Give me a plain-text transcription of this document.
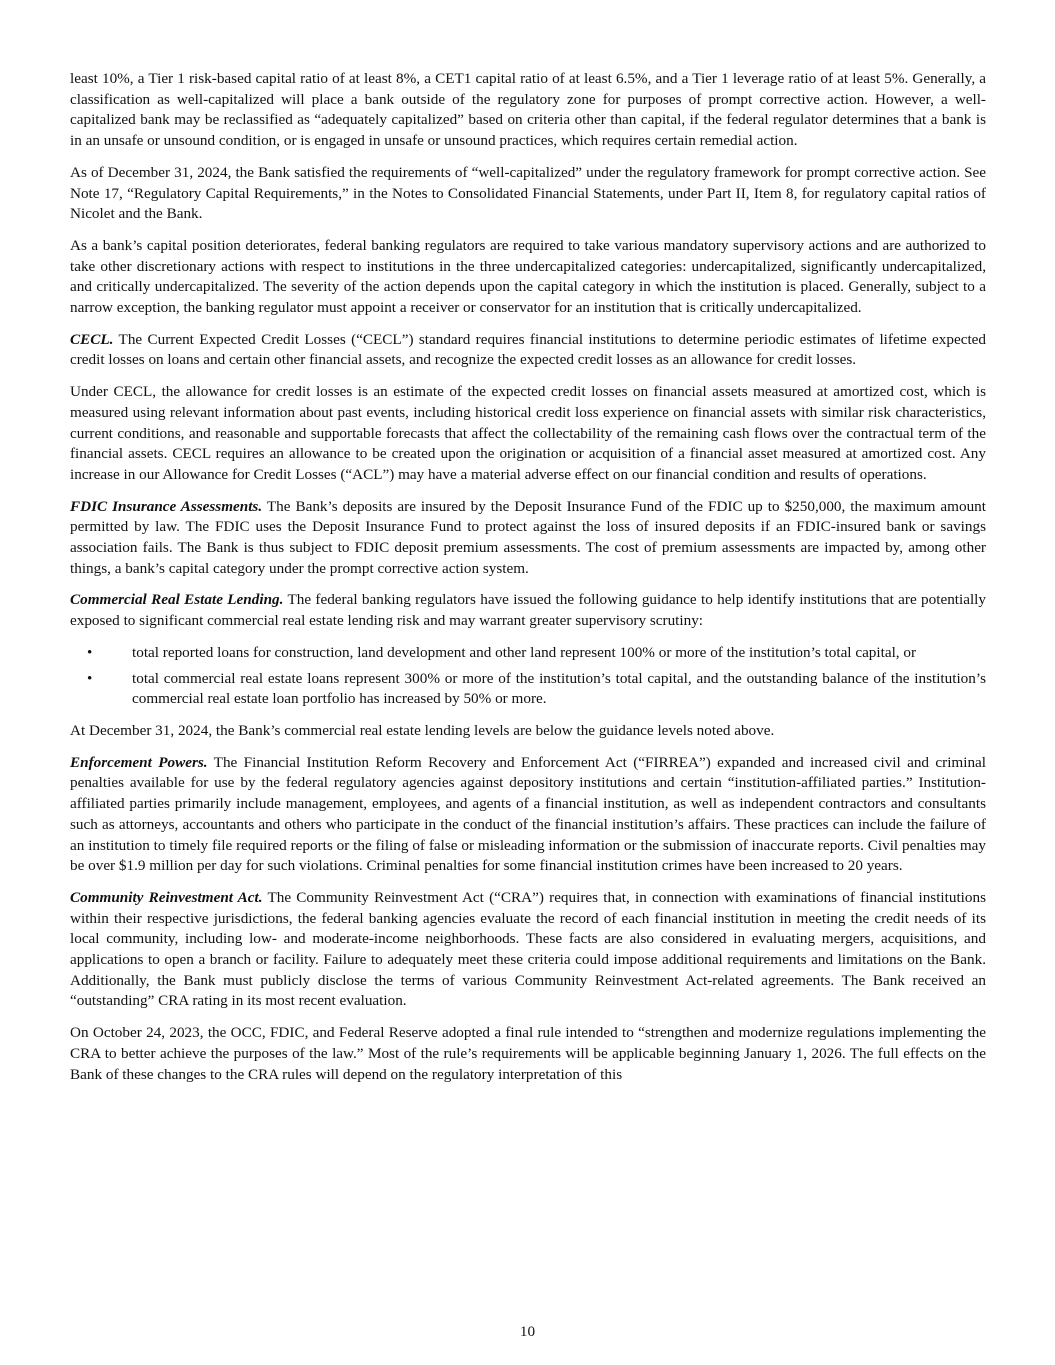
least 10%, a Tier 1 risk-based capital ratio of at least 8%, a CET1 capital ratio of at least 6.5%, and a Tier 1 leverage ratio of at least 5%. Generally, a classification as well-capitalized will place a bank outside of the regulatory zone for purposes of prompt corrective action. However, a well-capitalized bank may be reclassified as “adequately capitalized” based on criteria other than capital, if the federal regulator determines that a bank is in an unsafe or unsound condition, or is engaged in unsafe or unsound practices, which requires certain remedial action.

As of December 31, 2024, the Bank satisfied the requirements of “well-capitalized” under the regulatory framework for prompt corrective action. See Note 17, “Regulatory Capital Requirements,” in the Notes to Consolidated Financial Statements, under Part II, Item 8, for regulatory capital ratios of Nicolet and the Bank.

As a bank’s capital position deteriorates, federal banking regulators are required to take various mandatory supervisory actions and are authorized to take other discretionary actions with respect to institutions in the three undercapitalized categories: undercapitalized, significantly undercapitalized, and critically undercapitalized. The severity of the action depends upon the capital category in which the institution is placed. Generally, subject to a narrow exception, the banking regulator must appoint a receiver or conservator for an institution that is critically undercapitalized.

CECL. The Current Expected Credit Losses (“CECL”) standard requires financial institutions to determine periodic estimates of lifetime expected credit losses on loans and certain other financial assets, and recognize the expected credit losses as an allowance for credit losses.

Under CECL, the allowance for credit losses is an estimate of the expected credit losses on financial assets measured at amortized cost, which is measured using relevant information about past events, including historical credit loss experience on financial assets with similar risk characteristics, current conditions, and reasonable and supportable forecasts that affect the collectability of the remaining cash flows over the contractual term of the financial assets. CECL requires an allowance to be created upon the origination or acquisition of a financial asset measured at amortized cost. Any increase in our Allowance for Credit Losses (“ACL”) may have a material adverse effect on our financial condition and results of operations.

FDIC Insurance Assessments. The Bank’s deposits are insured by the Deposit Insurance Fund of the FDIC up to $250,000, the maximum amount permitted by law. The FDIC uses the Deposit Insurance Fund to protect against the loss of insured deposits if an FDIC-insured bank or savings association fails. The Bank is thus subject to FDIC deposit premium assessments. The cost of premium assessments are impacted by, among other things, a bank’s capital category under the prompt corrective action system.

Commercial Real Estate Lending. The federal banking regulators have issued the following guidance to help identify institutions that are potentially exposed to significant commercial real estate lending risk and may warrant greater supervisory scrutiny:

•	total reported loans for construction, land development and other land represent 100% or more of the institution’s total capital, or
•	total commercial real estate loans represent 300% or more of the institution’s total capital, and the outstanding balance of the institution’s commercial real estate loan portfolio has increased by 50% or more.

At December 31, 2024, the Bank’s commercial real estate lending levels are below the guidance levels noted above.

Enforcement Powers. The Financial Institution Reform Recovery and Enforcement Act (“FIRREA”) expanded and increased civil and criminal penalties available for use by the federal regulatory agencies against depository institutions and certain “institution-affiliated parties.” Institution-affiliated parties primarily include management, employees, and agents of a financial institution, as well as independent contractors and consultants such as attorneys, accountants and others who participate in the conduct of the financial institution’s affairs. These practices can include the failure of an institution to timely file required reports or the filing of false or misleading information or the submission of inaccurate reports. Civil penalties may be over $1.9 million per day for such violations. Criminal penalties for some financial institution crimes have been increased to 20 years.

Community Reinvestment Act. The Community Reinvestment Act (“CRA”) requires that, in connection with examinations of financial institutions within their respective jurisdictions, the federal banking agencies evaluate the record of each financial institution in meeting the credit needs of its local community, including low- and moderate-income neighborhoods. These facts are also considered in evaluating mergers, acquisitions, and applications to open a branch or facility. Failure to adequately meet these criteria could impose additional requirements and limitations on the Bank. Additionally, the Bank must publicly disclose the terms of various Community Reinvestment Act-related agreements. The Bank received an “outstanding” CRA rating in its most recent evaluation.

On October 24, 2023, the OCC, FDIC, and Federal Reserve adopted a final rule intended to “strengthen and modernize regulations implementing the CRA to better achieve the purposes of the law.” Most of the rule’s requirements will be applicable beginning January 1, 2026. The full effects on the Bank of these changes to the CRA rules will depend on the regulatory interpretation of this

10
